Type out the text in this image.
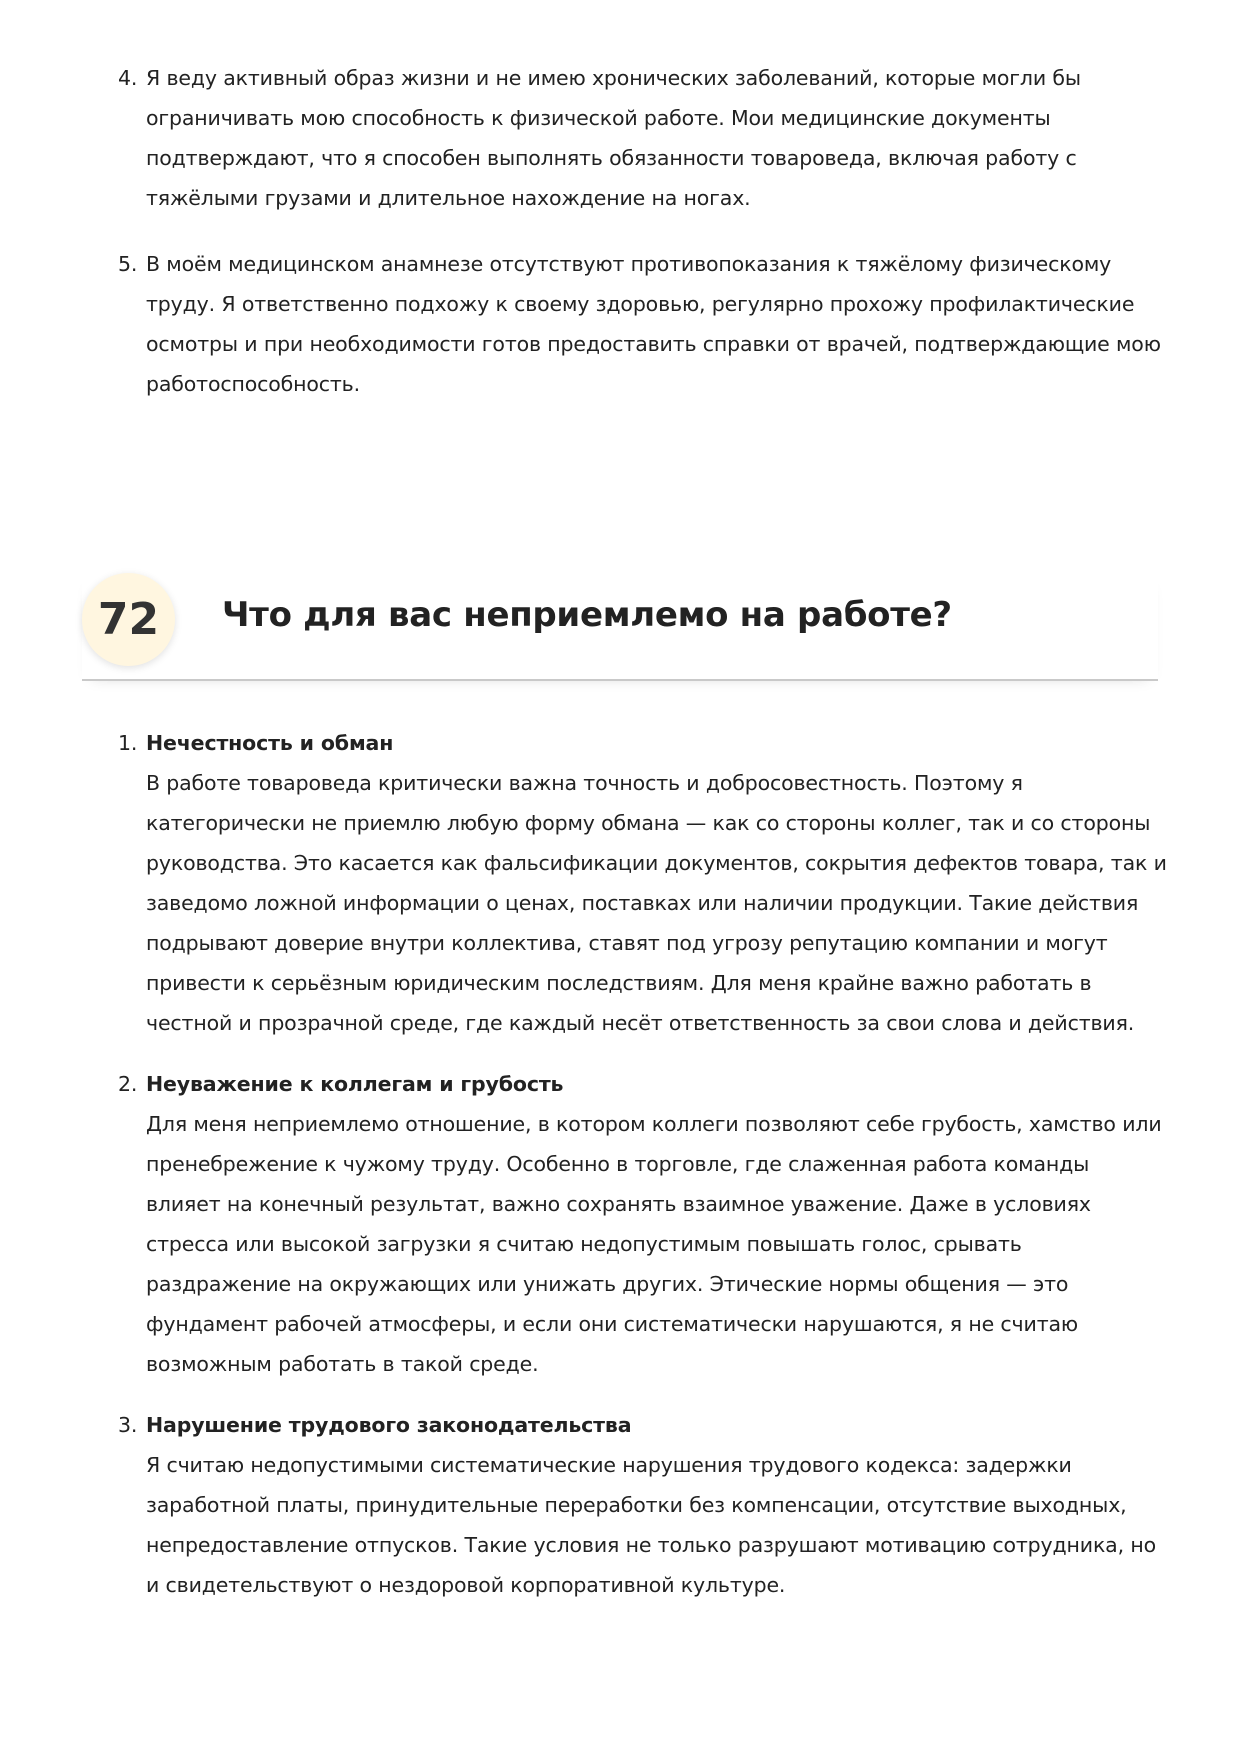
4. Я веду активный образ жизни и не имею хронических заболеваний, которые могли бы ограничивать мою способность к физической работе. Мои медицинские документы подтверждают, что я способен выполнять обязанности товароведа, включая работу с тяжёлыми грузами и длительное нахождение на ногах.
5. В моём медицинском анамнезе отсутствуют противопоказания к тяжёлому физическому труду. Я ответственно подхожу к своему здоровью, регулярно прохожу профилактические осмотры и при необходимости готов предоставить справки от врачей, подтверждающие мою работоспособность.
72	Что для вас неприемлемо на работе?
1. Нечестность и обман
В работе товароведа критически важна точность и добросовестность. Поэтому я категорически не приемлю любую форму обмана — как со стороны коллег, так и со стороны руководства. Это касается как фальсификации документов, сокрытия дефектов товара, так и заведомо ложной информации о ценах, поставках или наличии продукции. Такие действия подрывают доверие внутри коллектива, ставят под угрозу репутацию компании и могут привести к серьёзным юридическим последствиям. Для меня крайне важно работать в честной и прозрачной среде, где каждый несёт ответственность за свои слова и действия.
2. Неуважение к коллегам и грубость
Для меня неприемлемо отношение, в котором коллеги позволяют себе грубость, хамство или пренебрежение к чужому труду. Особенно в торговле, где слаженная работа команды влияет на конечный результат, важно сохранять взаимное уважение. Даже в условиях стресса или высокой загрузки я считаю недопустимым повышать голос, срывать раздражение на окружающих или унижать других. Этические нормы общения — это фундамент рабочей атмосферы, и если они систематически нарушаются, я не считаю возможным работать в такой среде.
3. Нарушение трудового законодательства
Я считаю недопустимыми систематические нарушения трудового кодекса: задержки заработной платы, принудительные переработки без компенсации, отсутствие выходных, непредоставление отпусков. Такие условия не только разрушают мотивацию сотрудника, но и свидетельствуют о нездоровой корпоративной культуре.
